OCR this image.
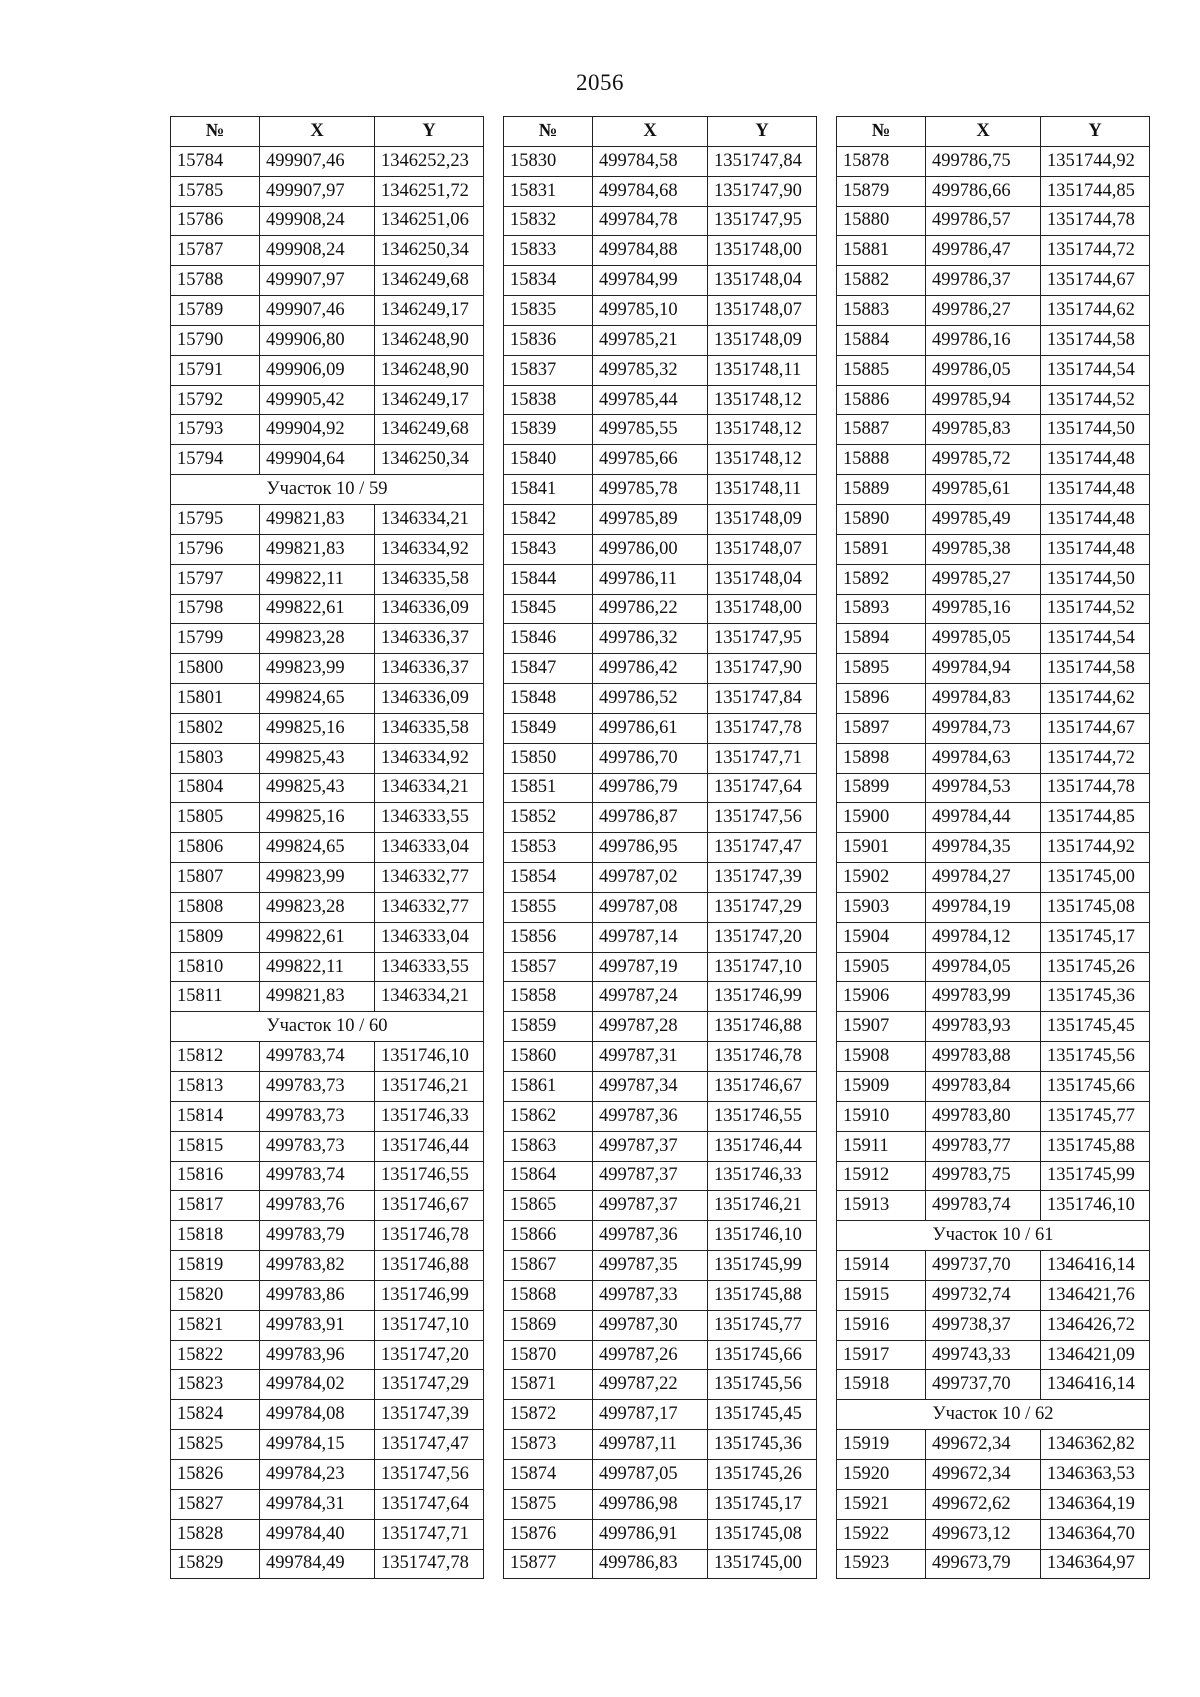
2056
№	X	Y
15784	499907,46	1346252,23
15785	499907,97	1346251,72
15786	499908,24	1346251,06
15787	499908,24	1346250,34
15788	499907,97	1346249,68
15789	499907,46	1346249,17
15790	499906,80	1346248,90
15791	499906,09	1346248,90
15792	499905,42	1346249,17
15793	499904,92	1346249,68
15794	499904,64	1346250,34
Участок 10 / 59		
15795	499821,83	1346334,21
15796	499821,83	1346334,92
15797	499822,11	1346335,58
15798	499822,61	1346336,09
15799	499823,28	1346336,37
15800	499823,99	1346336,37
15801	499824,65	1346336,09
15802	499825,16	1346335,58
15803	499825,43	1346334,92
15804	499825,43	1346334,21
15805	499825,16	1346333,55
15806	499824,65	1346333,04
15807	499823,99	1346332,77
15808	499823,28	1346332,77
15809	499822,61	1346333,04
15810	499822,11	1346333,55
15811	499821,83	1346334,21
Участок 10 / 60		
15812	499783,74	1351746,10
15813	499783,73	1351746,21
15814	499783,73	1351746,33
15815	499783,73	1351746,44
15816	499783,74	1351746,55
15817	499783,76	1351746,67
15818	499783,79	1351746,78
15819	499783,82	1351746,88
15820	499783,86	1351746,99
15821	499783,91	1351747,10
15822	499783,96	1351747,20
15823	499784,02	1351747,29
15824	499784,08	1351747,39
15825	499784,15	1351747,47
15826	499784,23	1351747,56
15827	499784,31	1351747,64
15828	499784,40	1351747,71
15829	499784,49	1351747,78
№	X	Y
15830	499784,58	1351747,84
15831	499784,68	1351747,90
15832	499784,78	1351747,95
15833	499784,88	1351748,00
15834	499784,99	1351748,04
15835	499785,10	1351748,07
15836	499785,21	1351748,09
15837	499785,32	1351748,11
15838	499785,44	1351748,12
15839	499785,55	1351748,12
15840	499785,66	1351748,12
15841	499785,78	1351748,11
15842	499785,89	1351748,09
15843	499786,00	1351748,07
15844	499786,11	1351748,04
15845	499786,22	1351748,00
15846	499786,32	1351747,95
15847	499786,42	1351747,90
15848	499786,52	1351747,84
15849	499786,61	1351747,78
15850	499786,70	1351747,71
15851	499786,79	1351747,64
15852	499786,87	1351747,56
15853	499786,95	1351747,47
15854	499787,02	1351747,39
15855	499787,08	1351747,29
15856	499787,14	1351747,20
15857	499787,19	1351747,10
15858	499787,24	1351746,99
15859	499787,28	1351746,88
15860	499787,31	1351746,78
15861	499787,34	1351746,67
15862	499787,36	1351746,55
15863	499787,37	1351746,44
15864	499787,37	1351746,33
15865	499787,37	1351746,21
15866	499787,36	1351746,10
15867	499787,35	1351745,99
15868	499787,33	1351745,88
15869	499787,30	1351745,77
15870	499787,26	1351745,66
15871	499787,22	1351745,56
15872	499787,17	1351745,45
15873	499787,11	1351745,36
15874	499787,05	1351745,26
15875	499786,98	1351745,17
15876	499786,91	1351745,08
15877	499786,83	1351745,00
№	X	Y
15878	499786,75	1351744,92
15879	499786,66	1351744,85
15880	499786,57	1351744,78
15881	499786,47	1351744,72
15882	499786,37	1351744,67
15883	499786,27	1351744,62
15884	499786,16	1351744,58
15885	499786,05	1351744,54
15886	499785,94	1351744,52
15887	499785,83	1351744,50
15888	499785,72	1351744,48
15889	499785,61	1351744,48
15890	499785,49	1351744,48
15891	499785,38	1351744,48
15892	499785,27	1351744,50
15893	499785,16	1351744,52
15894	499785,05	1351744,54
15895	499784,94	1351744,58
15896	499784,83	1351744,62
15897	499784,73	1351744,67
15898	499784,63	1351744,72
15899	499784,53	1351744,78
15900	499784,44	1351744,85
15901	499784,35	1351744,92
15902	499784,27	1351745,00
15903	499784,19	1351745,08
15904	499784,12	1351745,17
15905	499784,05	1351745,26
15906	499783,99	1351745,36
15907	499783,93	1351745,45
15908	499783,88	1351745,56
15909	499783,84	1351745,66
15910	499783,80	1351745,77
15911	499783,77	1351745,88
15912	499783,75	1351745,99
15913	499783,74	1351746,10
Участок 10 / 61		
15914	499737,70	1346416,14
15915	499732,74	1346421,76
15916	499738,37	1346426,72
15917	499743,33	1346421,09
15918	499737,70	1346416,14
Участок 10 / 62		
15919	499672,34	1346362,82
15920	499672,34	1346363,53
15921	499672,62	1346364,19
15922	499673,12	1346364,70
15923	499673,79	1346364,97
